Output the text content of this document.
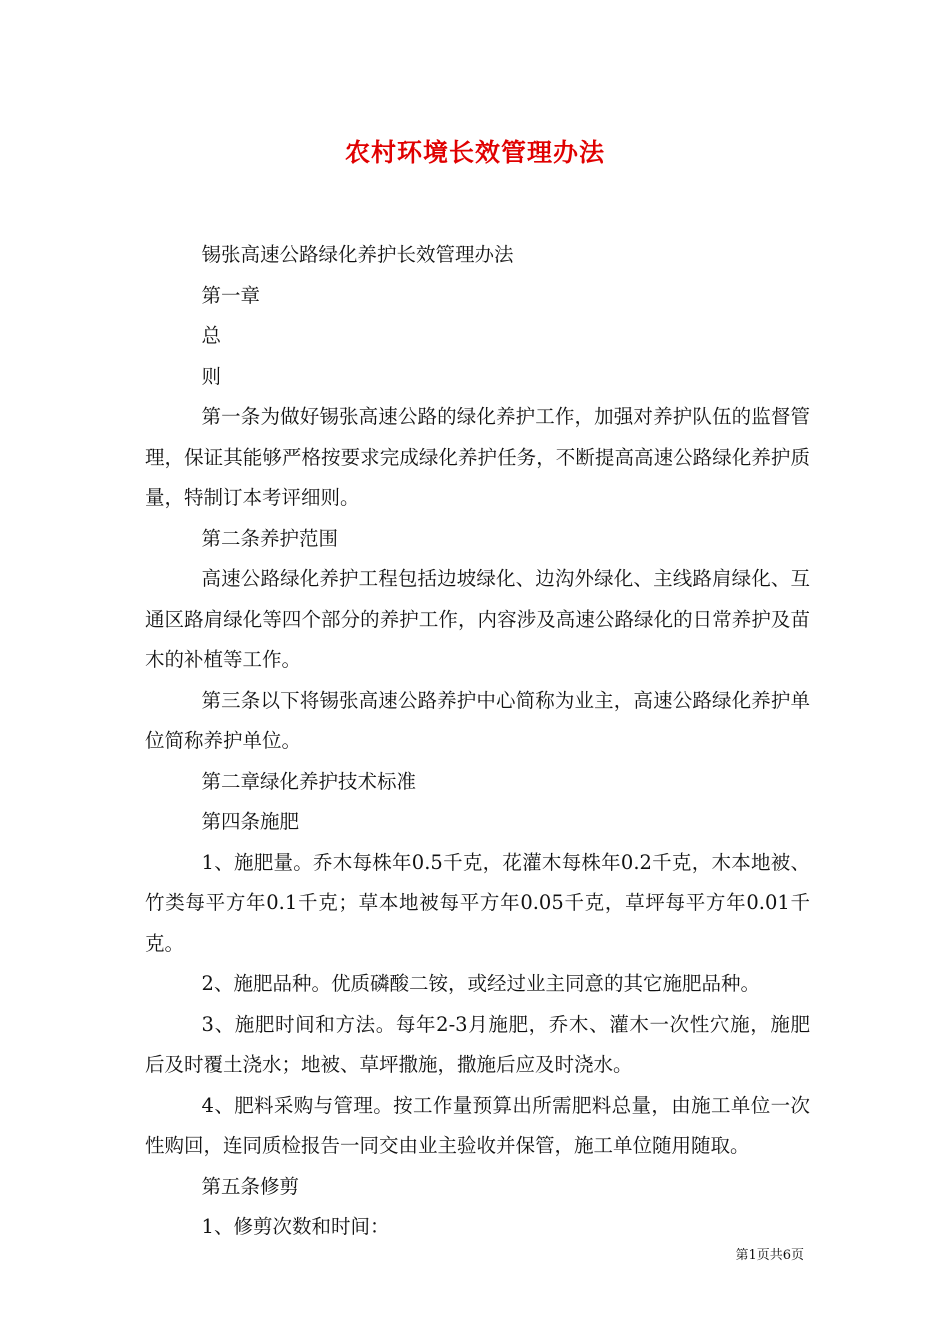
农村环境长效管理办法

锡张高速公路绿化养护长效管理办法

第一章

总

则

第一条为做好锡张高速公路的绿化养护工作，加强对养护队伍的监督管理，保证其能够严格按要求完成绿化养护任务，不断提高高速公路绿化养护质量，特制订本考评细则。

第二条养护范围

高速公路绿化养护工程包括边坡绿化、边沟外绿化、主线路肩绿化、互通区路肩绿化等四个部分的养护工作，内容涉及高速公路绿化的日常养护及苗木的补植等工作。

第三条以下将锡张高速公路养护中心简称为业主，高速公路绿化养护单位简称养护单位。

第二章绿化养护技术标准

第四条施肥

1、施肥量。乔木每株年0.5千克，花灌木每株年0.2千克，木本地被、竹类每平方年0.1千克；草本地被每平方年0.05千克，草坪每平方年0.01千克。

2、施肥品种。优质磷酸二铵，或经过业主同意的其它施肥品种。

3、施肥时间和方法。每年2-3月施肥，乔木、灌木一次性穴施，施肥后及时覆土浇水；地被、草坪撒施，撒施后应及时浇水。

4、肥料采购与管理。按工作量预算出所需肥料总量，由施工单位一次性购回，连同质检报告一同交由业主验收并保管，施工单位随用随取。

第五条修剪

1、修剪次数和时间：

第1页共6页
